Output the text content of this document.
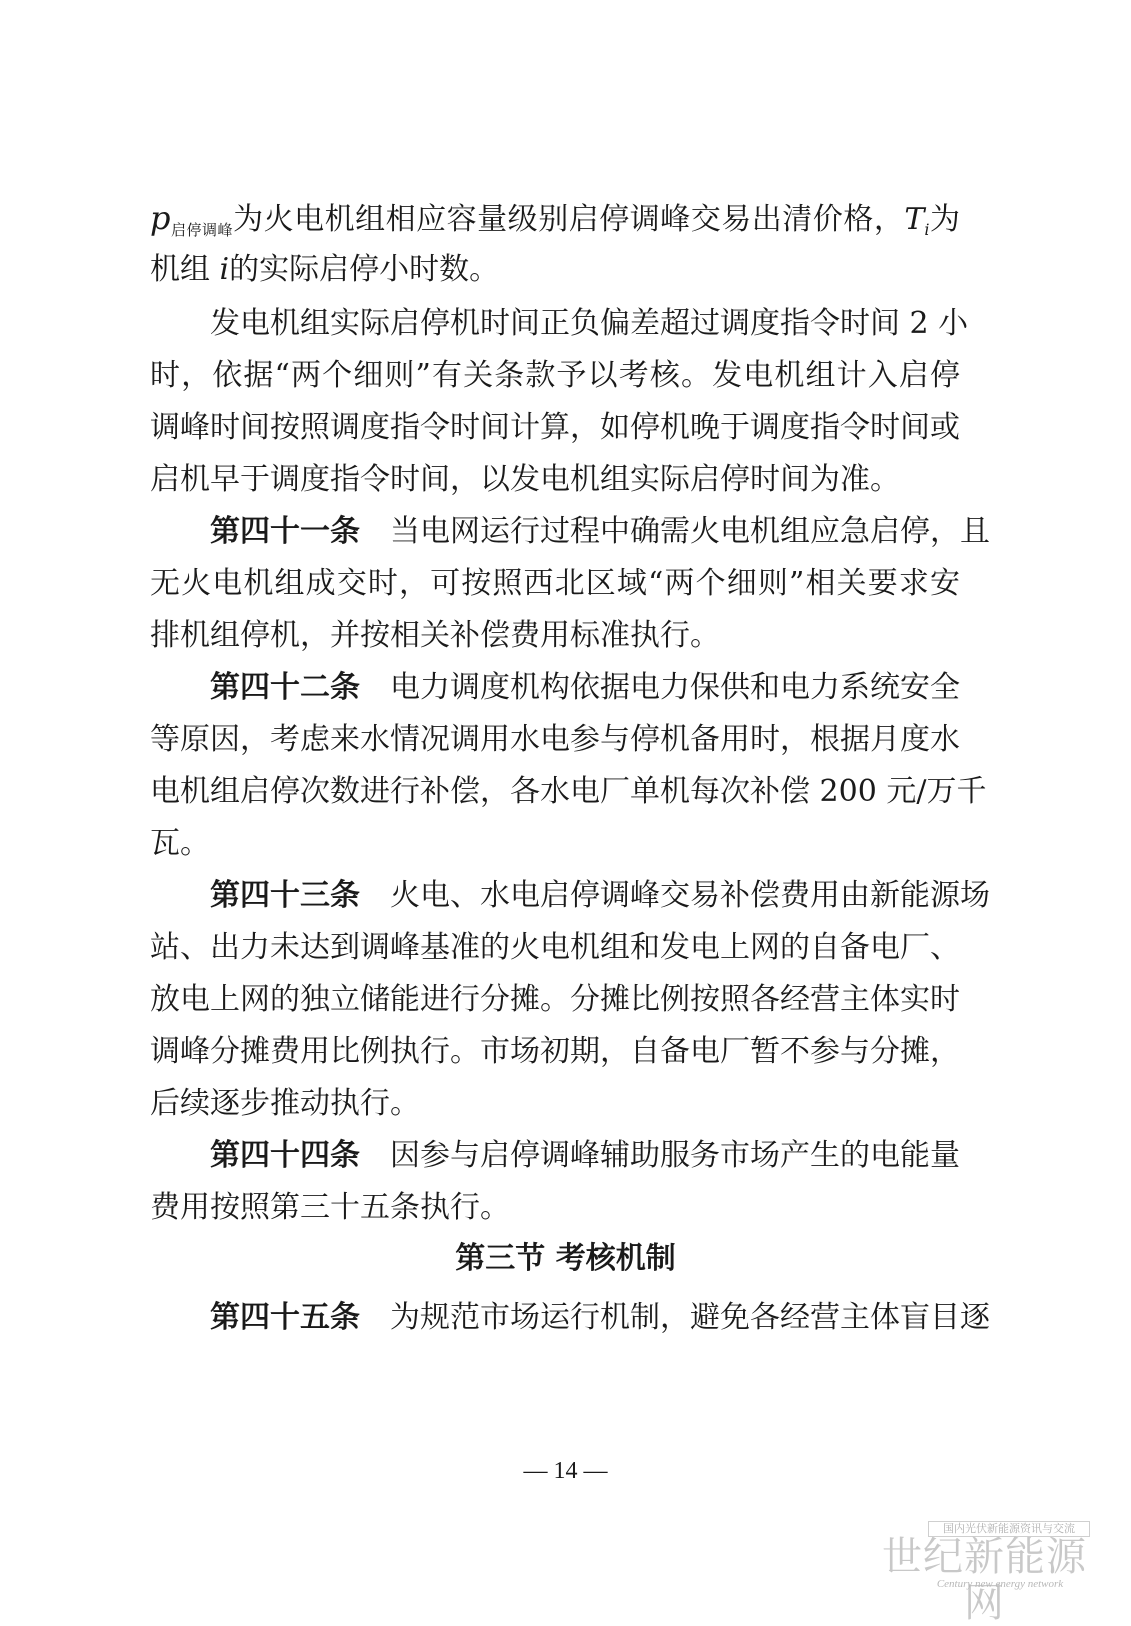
$p_{启停调峰}$为火电机组相应容量级别启停调峰交易出清价格，$T_i$为
机组 i的实际启停小时数。
发电机组实际启停机时间正负偏差超过调度指令时间 2 小
时，依据“两个细则”有关条款予以考核。发电机组计入启停
调峰时间按照调度指令时间计算，如停机晚于调度指令时间或
启机早于调度指令时间，以发电机组实际启停时间为准。
第四十一条  当电网运行过程中确需火电机组应急启停，且
无火电机组成交时，可按照西北区域“两个细则”相关要求安
排机组停机，并按相关补偿费用标准执行。
第四十二条  电力调度机构依据电力保供和电力系统安全
等原因，考虑来水情况调用水电参与停机备用时，根据月度水
电机组启停次数进行补偿，各水电厂单机每次补偿 200 元/万千
瓦。
第四十三条  火电、水电启停调峰交易补偿费用由新能源场
站、出力未达到调峰基准的火电机组和发电上网的自备电厂、
放电上网的独立储能进行分摊。分摊比例按照各经营主体实时
调峰分摊费用比例执行。市场初期，自备电厂暂不参与分摊，
后续逐步推动执行。
第四十四条  因参与启停调峰辅助服务市场产生的电能量
费用按照第三十五条执行。
第三节 考核机制
第四十五条  为规范市场运行机制，避免各经营主体盲目逐
— 14 —
国内光伏新能源资讯与交流
世纪新能源网
Century new energy network
